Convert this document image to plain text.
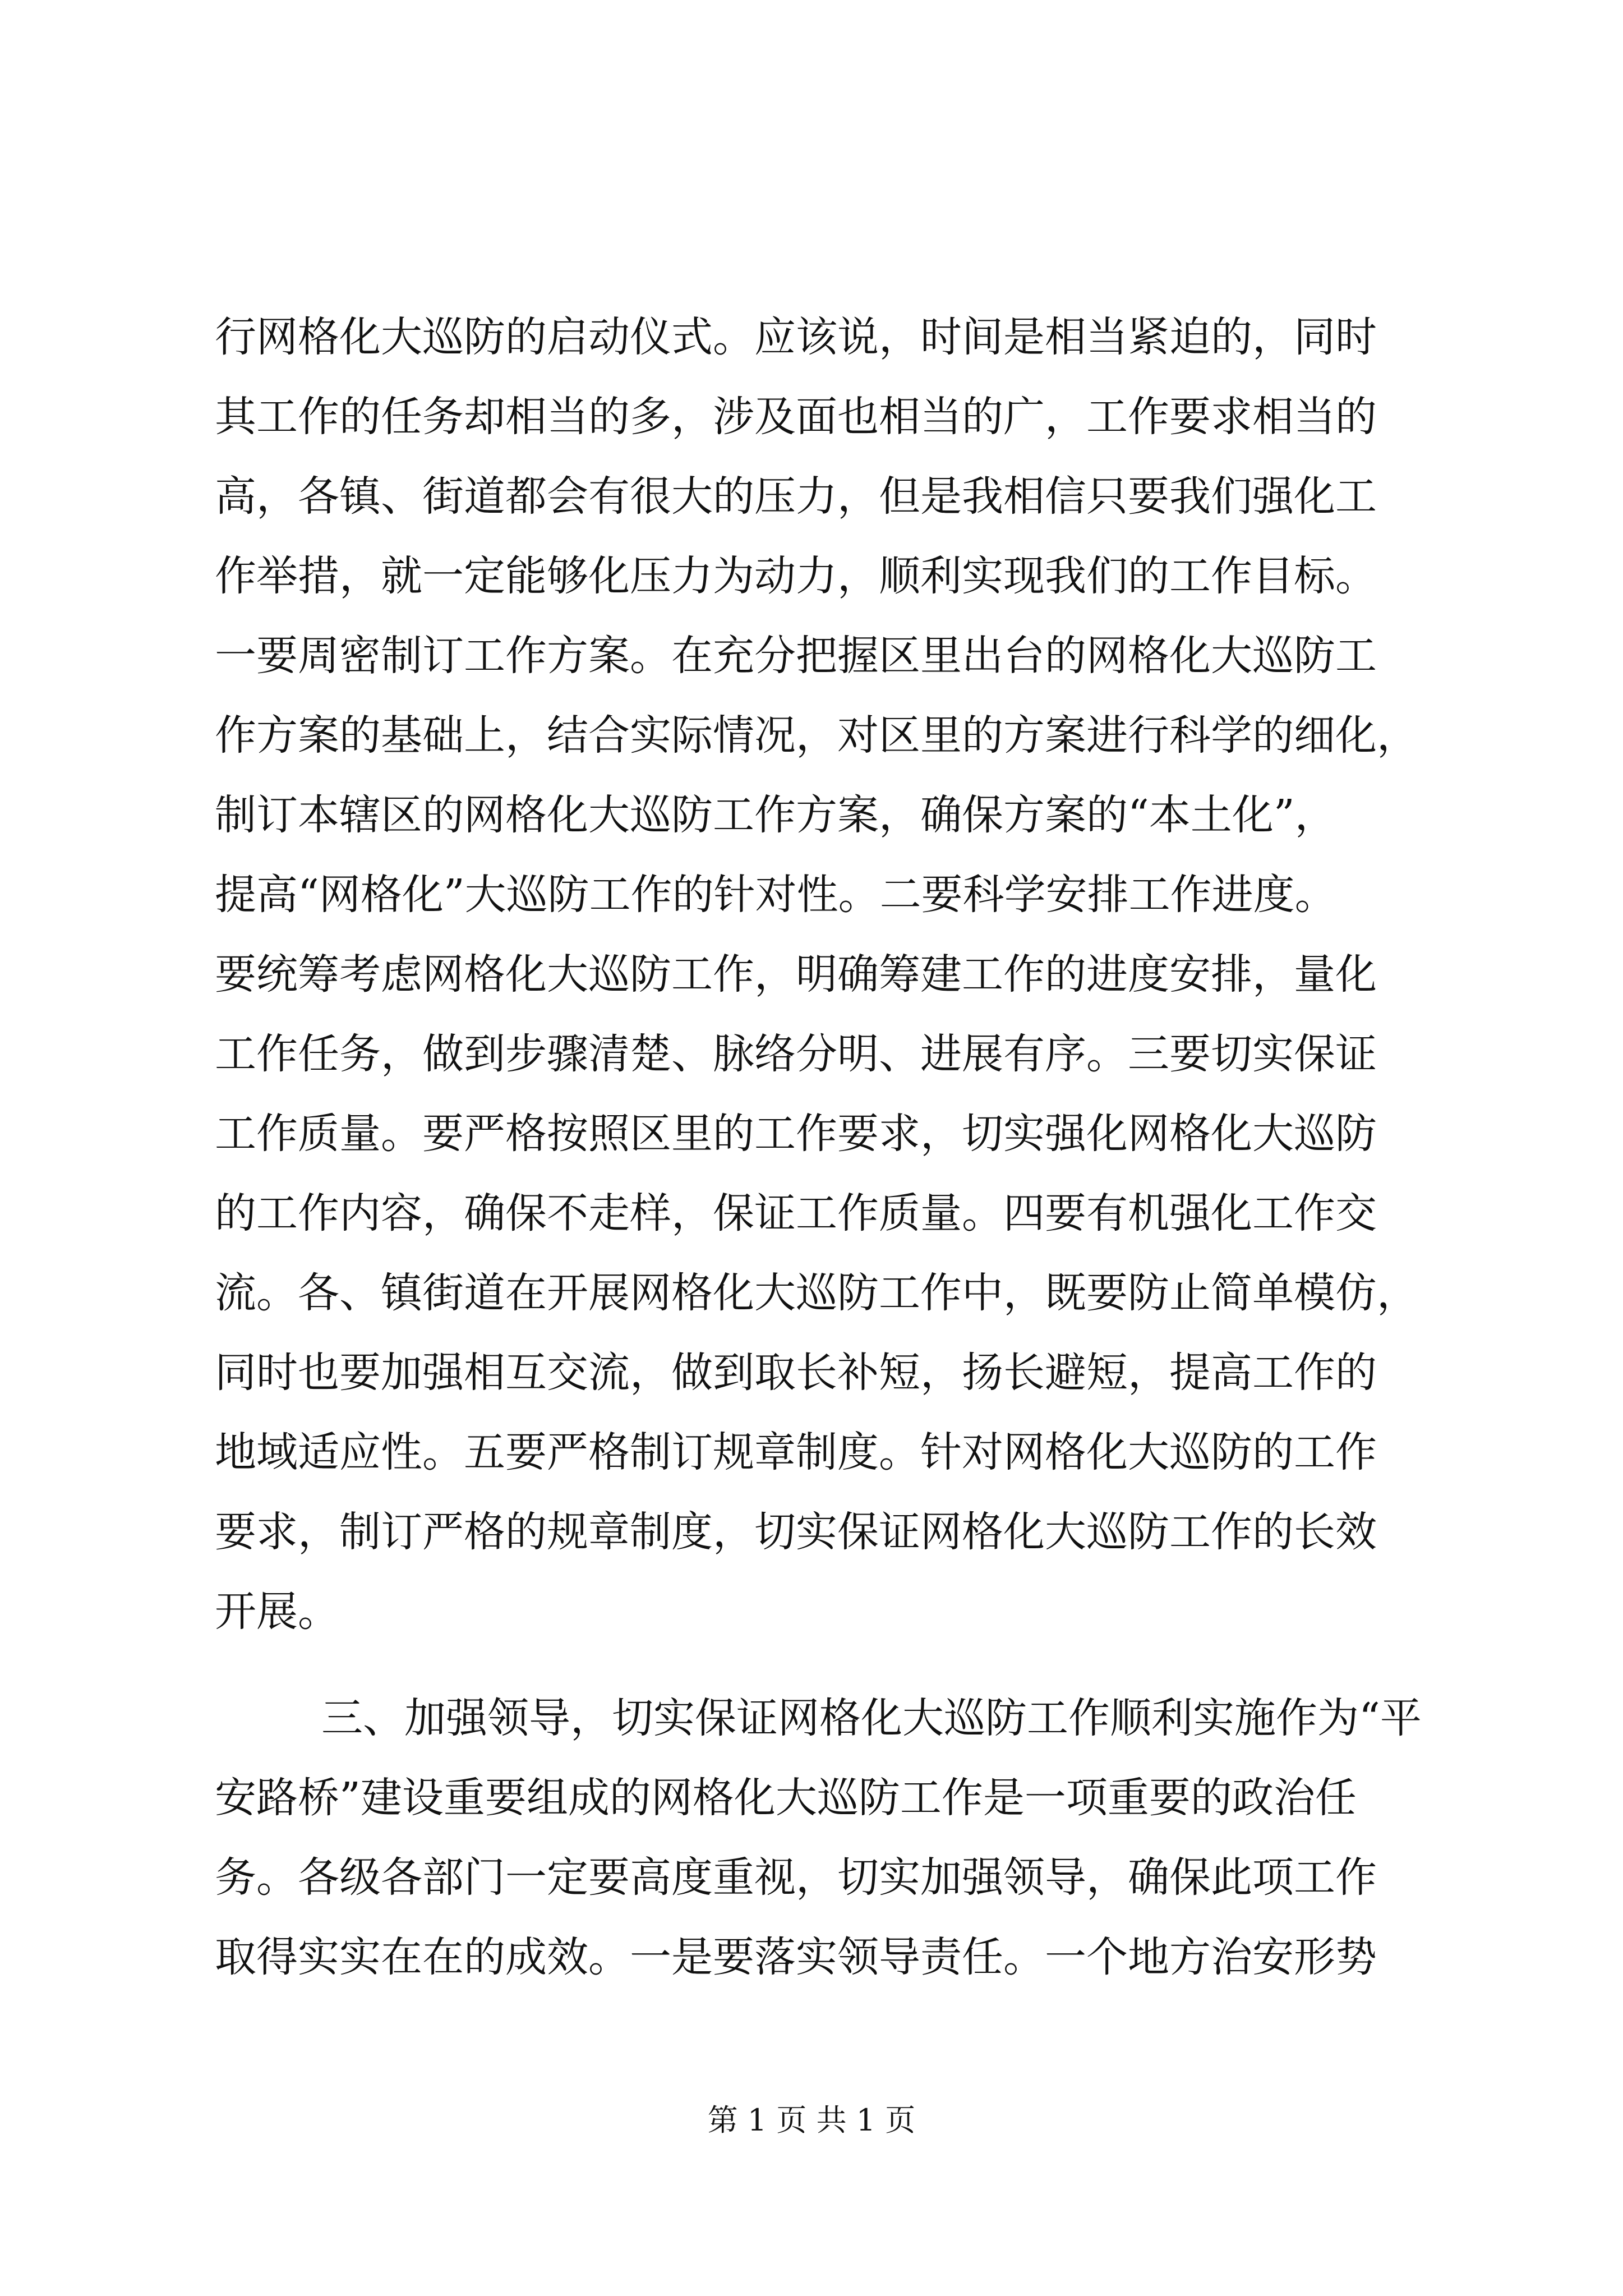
行网格化大巡防的启动仪式。应该说，时间是相当紧迫的，同时
其工作的任务却相当的多，涉及面也相当的广，工作要求相当的
高，各镇、街道都会有很大的压力，但是我相信只要我们强化工
作举措，就一定能够化压力为动力，顺利实现我们的工作目标。
一要周密制订工作方案。在充分把握区里出台的网格化大巡防工
作方案的基础上，结合实际情况，对区里的方案进行科学的细化，
制订本辖区的网格化大巡防工作方案，确保方案的“本土化”，
提高“网格化”大巡防工作的针对性。二要科学安排工作进度。
要统筹考虑网格化大巡防工作，明确筹建工作的进度安排，量化
工作任务，做到步骤清楚、脉络分明、进展有序。三要切实保证
工作质量。要严格按照区里的工作要求，切实强化网格化大巡防
的工作内容，确保不走样，保证工作质量。四要有机强化工作交
流。各、镇街道在开展网格化大巡防工作中，既要防止简单模仿，
同时也要加强相互交流，做到取长补短，扬长避短，提高工作的
地域适应性。五要严格制订规章制度。针对网格化大巡防的工作
要求，制订严格的规章制度，切实保证网格化大巡防工作的长效
开展。
三、加强领导，切实保证网格化大巡防工作顺利实施作为“平
安路桥”建设重要组成的网格化大巡防工作是一项重要的政治任
务。各级各部门一定要高度重视，切实加强领导，确保此项工作
取得实实在在的成效。一是要落实领导责任。一个地方治安形势
第 1 页 共 1 页
